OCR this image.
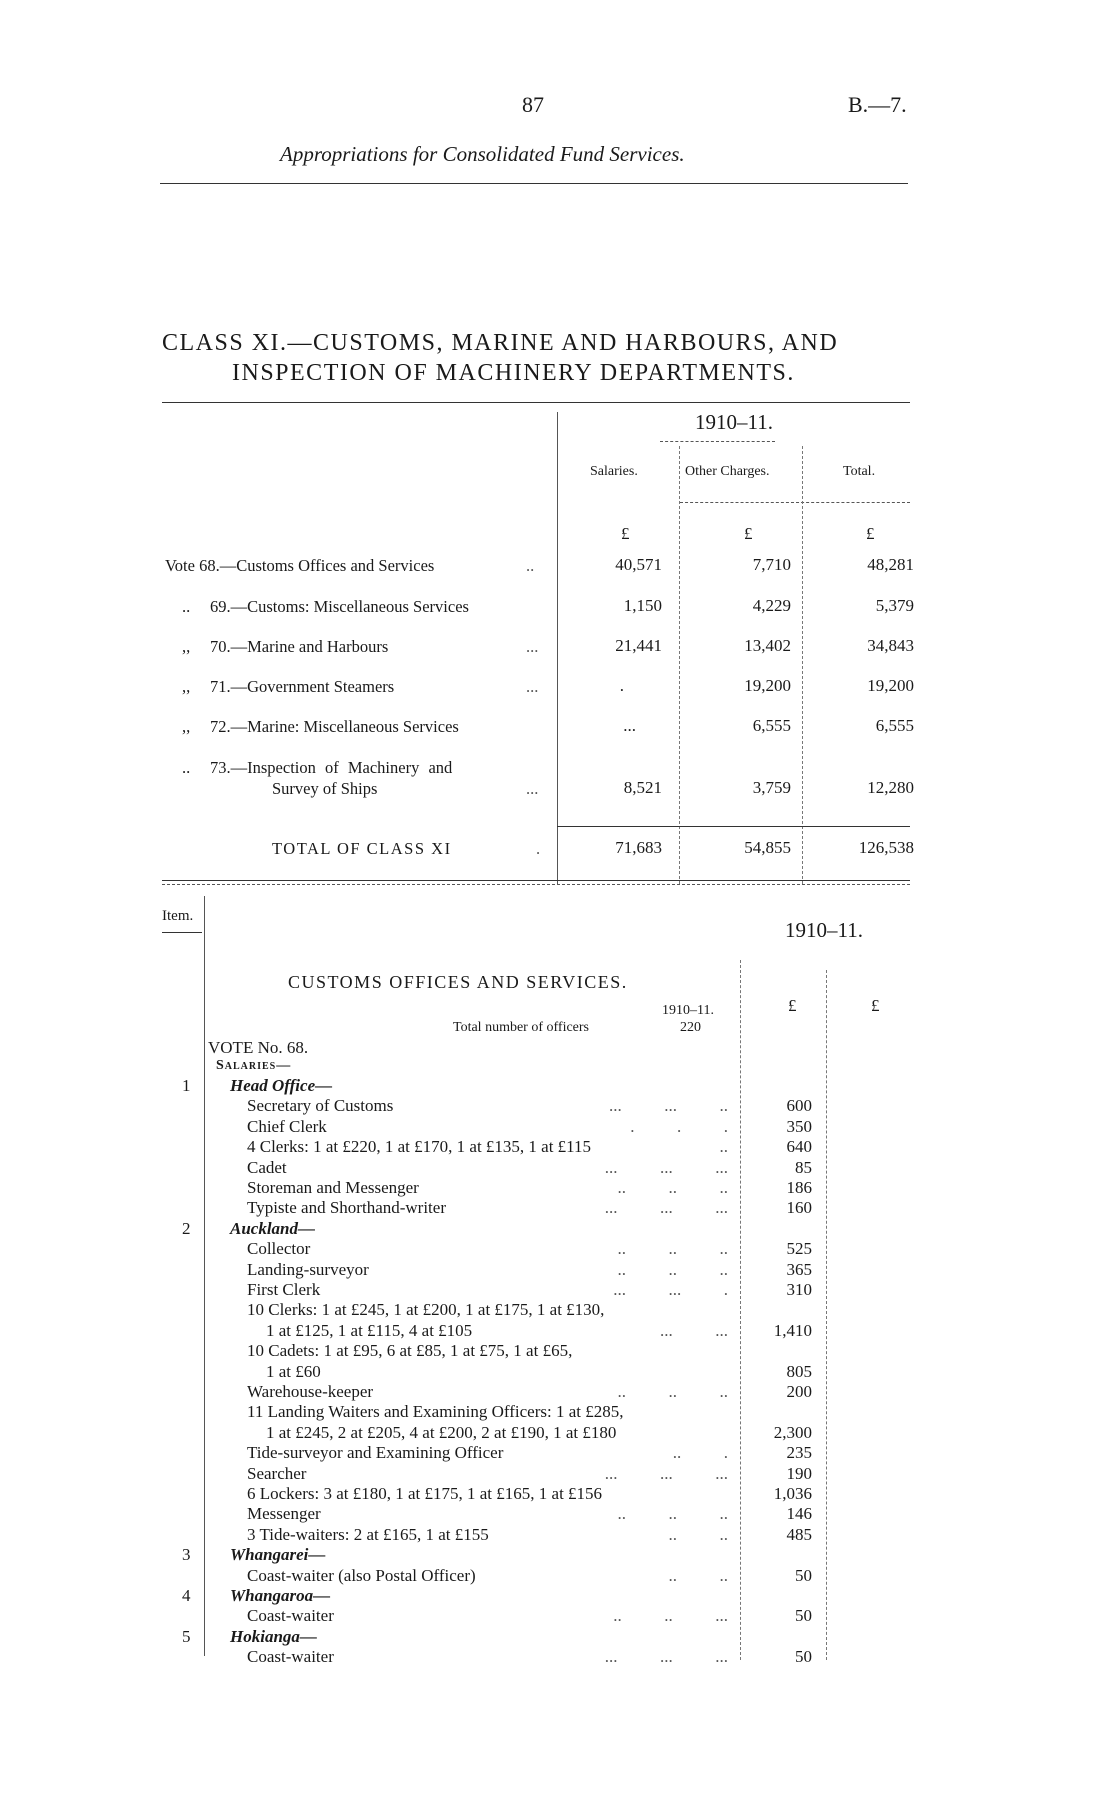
87	B.—7.
Appropriations for Consolidated Fund Services.
CLASS XI.—CUSTOMS, MARINE AND HARBOURS, AND
INSPECTION OF MACHINERY DEPARTMENTS.
1910–11.
Salaries.	Other Charges.	Total.
£	£	£
Vote 68.—Customs Offices and Services	..	40,571	7,710	48,281
.. 69.—Customs: Miscellaneous Services	1,150	4,229	5,379
,, 70.—Marine and Harbours	...	21,441	13,402	34,843
,, 71.—Government Steamers	...	.	19,200	19,200
,, 72.—Marine: Miscellaneous Services	...	6,555	6,555
.. 73.—Inspection of Machinery and
Survey of Ships	...	8,521	3,759	12,280
TOTAL OF CLASS XI	.	71,683	54,855	126,538
Item.
1910–11.
CUSTOMS OFFICES AND SERVICES.
1910–11.
Total number of officers	220
£	£
VOTE No. 68.
Salaries—
1 Head Office—
Secretary of Customs	...          ...          ..	600
Chief Clerk	.          .          .	350
4 Clerks: 1 at £220, 1 at £170, 1 at £135, 1 at £115	..	640
Cadet	...          ...          ...	85
Storeman and Messenger	..          ..          ..	186
Typiste and Shorthand-writer	...          ...          ...	160
2 Auckland—
Collector	..          ..          ..	525
Landing-surveyor	..          ..          ..	365
First Clerk	...          ...          .	310
10 Clerks: 1 at £245, 1 at £200, 1 at £175, 1 at £130,
1 at £125, 1 at £115, 4 at £105	...          ...	1,410
10 Cadets: 1 at £95, 6 at £85, 1 at £75, 1 at £65,
1 at £60	805
Warehouse-keeper	..          ..          ..	200
11 Landing Waiters and Examining Officers: 1 at £285,
1 at £245, 2 at £205, 4 at £200, 2 at £190, 1 at £180	2,300
Tide-surveyor and Examining Officer	..          .	235
Searcher	...          ...          ...	190
6 Lockers: 3 at £180, 1 at £175, 1 at £165, 1 at £156	1,036
Messenger	..          ..          ..	146
3 Tide-waiters: 2 at £165, 1 at £155	..          ..	485
3 Whangarei—
Coast-waiter (also Postal Officer)	..          ..	50
4 Whangaroa—
Coast-waiter	..          ..          ...	50
5 Hokianga—
Coast-waiter	...          ...          ...	50
